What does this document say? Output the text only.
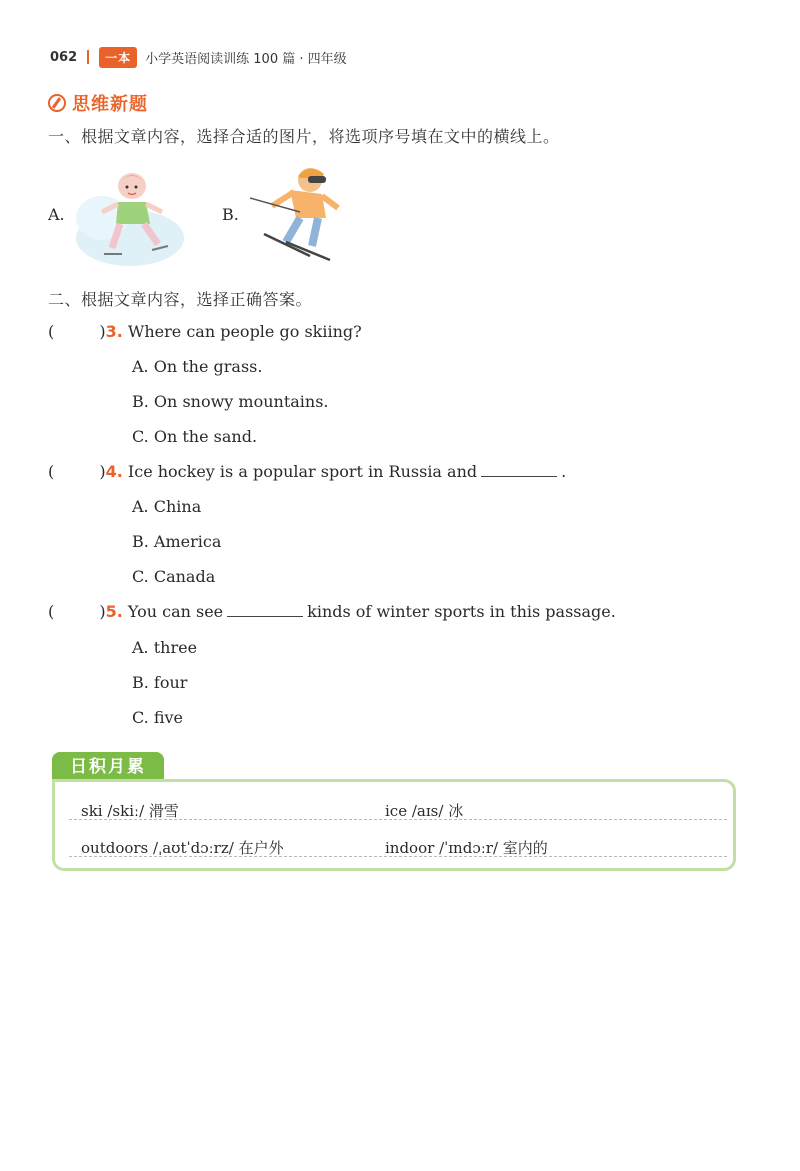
062	一本	小学英语阅读训练 100 篇 · 四年级
思维新题
一、根据文章内容，选择合适的图片，将选项序号填在文中的横线上。
A.	B.
二、根据文章内容，选择正确答案。
(	)3. Where can people go skiing?
A. On the grass.
B. On snowy mountains.
C. On the sand.
(	)4. Ice hockey is a popular sport in Russia and	.
A. China
B. America
C. Canada
(	)5. You can see	kinds of winter sports in this passage.
A. three
B. four
C. five
日积月累
ski /skiː/ 滑雪	ice /aɪs/ 冰
outdoors /ˌaʊtˈdɔːrz/ 在户外	indoor /ˈɪndɔːr/ 室内的
